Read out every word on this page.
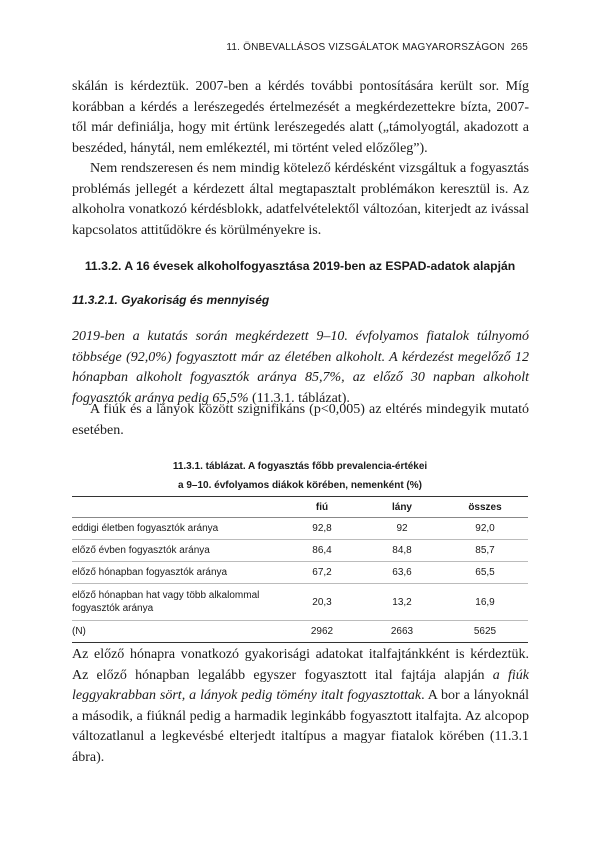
11. ÖNBEVALLÁSOS VIZSGÁLATOK MAGYARORSZÁGON 265

skálán is kérdeztük. 2007-ben a kérdés további pontosítására került sor. Míg korábban a kérdés a lerészegedés értelmezését a megkérdezettekre bízta, 2007-től már definiálja, hogy mit értünk lerészegedés alatt („támolyogtál, akadozott a beszéded, hánytál, nem emlékeztél, mi történt veled előzőleg”).

Nem rendszeresen és nem mindig kötelező kérdésként vizsgáltuk a fogyasztás problémás jellegét a kérdezett által megtapasztalt problémákon keresztül is. Az alkoholra vonatkozó kérdésblokk, adatfelvételektől változóan, kiterjedt az ivással kapcsolatos attitűdökre és körülményekre is.

11.3.2. A 16 évesek alkoholfogyasztása 2019-ben az ESPAD-adatok alapján
11.3.2.1. Gyakoriság és mennyiség

2019-ben a kutatás során megkérdezett 9–10. évfolyamos fiatalok túlnyomó többsége (92,0%) fogyasztott már az életében alkoholt. A kérdezést megelőző 12 hónapban alkoholt fogyasztók aránya 85,7%, az előző 30 napban alkoholt fogyasztók aránya pedig 65,5% (11.3.1. táblázat).

A fiúk és a lányok között szignifikáns (p<0,005) az eltérés mindegyik mutató esetében.

11.3.1. táblázat. A fogyasztás főbb prevalencia-értékei
a 9–10. évfolyamos diákok körében, nemenként (%)
	fiú	lány	összes
eddigi életben fogyasztók aránya	92,8	92	92,0
előző évben fogyasztók aránya	86,4	84,8	85,7
előző hónapban fogyasztók aránya	67,2	63,6	65,5
előző hónapban hat vagy több alkalommal fogyasztók aránya	20,3	13,2	16,9
(N)	2962	2663	5625

Az előző hónapra vonatkozó gyakorisági adatokat italfajtánkként is kérdeztük. Az előző hónapban legalább egyszer fogyasztott ital fajtája alapján a fiúk leggyakrabban sört, a lányok pedig tömény italt fogyasztottak. A bor a lányoknál a második, a fiúknál pedig a harmadik leginkább fogyasztott italfajta. Az alcopop változatlanul a legkevésbé elterjedt italtípus a magyar fiatalok körében (11.3.1 ábra).
